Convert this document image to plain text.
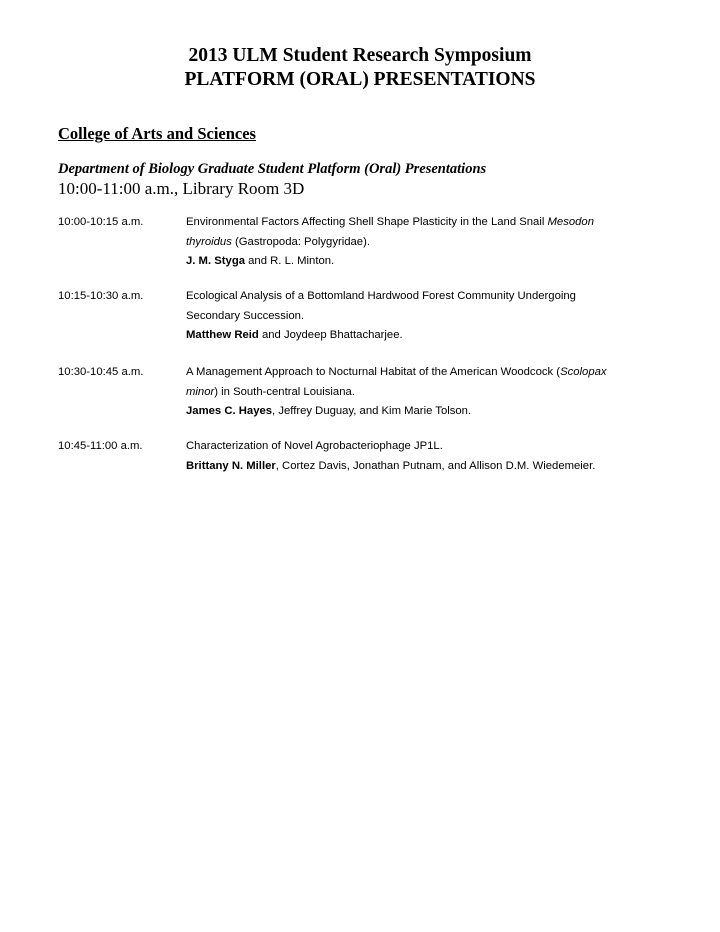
2013 ULM Student Research Symposium
PLATFORM (ORAL) PRESENTATIONS
College of Arts and Sciences
Department of Biology Graduate Student Platform (Oral) Presentations
10:00-11:00 a.m., Library Room 3D
10:00-10:15 a.m.	Environmental Factors Affecting Shell Shape Plasticity in the Land Snail Mesodon
thyroidus (Gastropoda: Polygyridae).
J. M. Styga and R. L. Minton.
10:15-10:30 a.m.	Ecological Analysis of a Bottomland Hardwood Forest Community Undergoing
Secondary Succession.
Matthew Reid and Joydeep Bhattacharjee.
10:30-10:45 a.m.	A Management Approach to Nocturnal Habitat of the American Woodcock (Scolopax
minor) in South-central Louisiana.
James C. Hayes, Jeffrey Duguay, and Kim Marie Tolson.
10:45-11:00 a.m.	Characterization of Novel Agrobacteriophage JP1L.
Brittany N. Miller, Cortez Davis, Jonathan Putnam, and Allison D.M. Wiedemeier.
